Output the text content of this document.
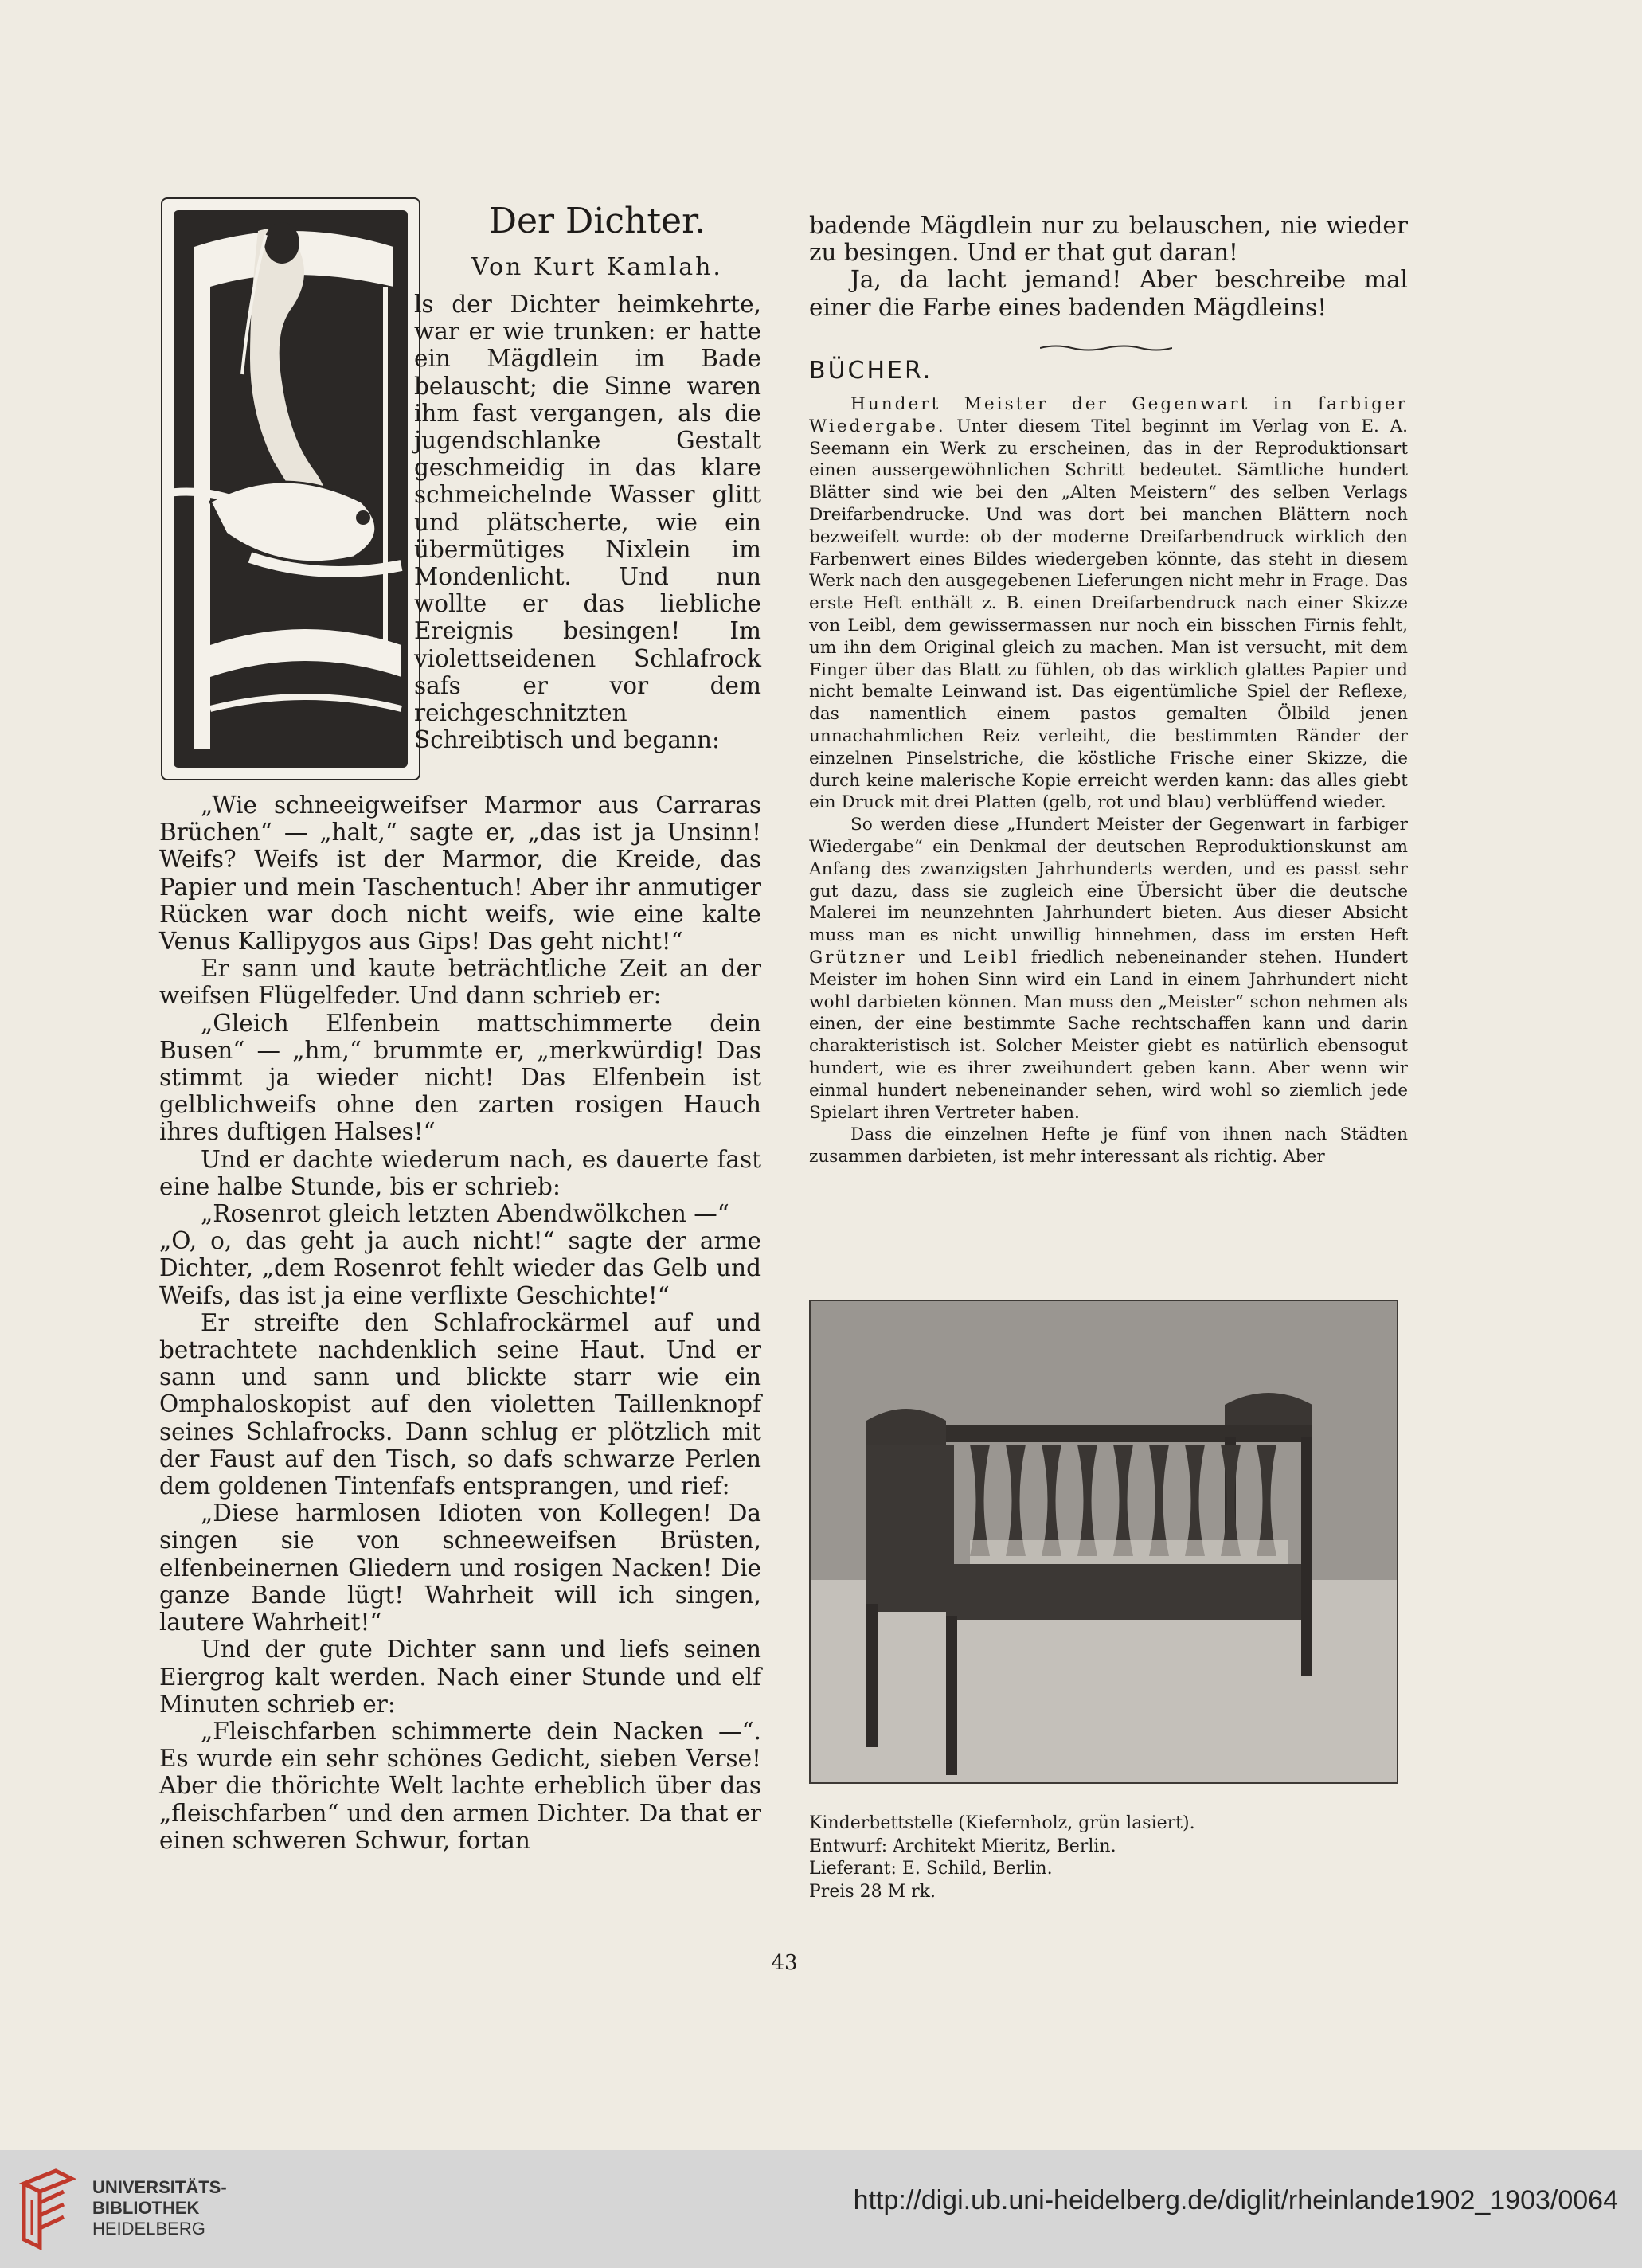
Der Dichter.
Von Kurt Kamlah.

ls der Dichter heimkehrte, war er wie trunken: er hatte ein Mägdlein im Bade belauscht; die Sinne waren ihm fast vergangen, als die jugendschlanke Gestalt geschmeidig in das klare schmeichelnde Wasser glitt und plätscherte, wie ein übermütiges Nixlein im Mondenlicht. Und nun wollte er das liebliche Ereignis besingen! Im violettseidenen Schlafrock safs er vor dem reichgeschnitzten Schreibtisch und begann:

„Wie schneeigweifser Marmor aus Carraras Brüchen“ — „halt,“ sagte er, „das ist ja Unsinn! Weifs? Weifs ist der Marmor, die Kreide, das Papier und mein Taschentuch! Aber ihr anmutiger Rücken war doch nicht weifs, wie eine kalte Venus Kallipygos aus Gips! Das geht nicht!“

Er sann und kaute beträchtliche Zeit an der weifsen Flügelfeder. Und dann schrieb er:

„Gleich Elfenbein mattschimmerte dein Busen“ — „hm,“ brummte er, „merkwürdig! Das stimmt ja wieder nicht! Das Elfenbein ist gelblichweifs ohne den zarten rosigen Hauch ihres duftigen Halses!“

Und er dachte wiederum nach, es dauerte fast eine halbe Stunde, bis er schrieb:

„Rosenrot gleich letzten Abendwölkchen —“

„O, o, das geht ja auch nicht!“ sagte der arme Dichter, „dem Rosenrot fehlt wieder das Gelb und Weifs, das ist ja eine verflixte Geschichte!“

Er streifte den Schlafrockärmel auf und betrachtete nachdenklich seine Haut. Und er sann und sann und blickte starr wie ein Omphaloskopist auf den violetten Taillenknopf seines Schlafrocks. Dann schlug er plötzlich mit der Faust auf den Tisch, so dafs schwarze Perlen dem goldenen Tintenfafs entsprangen, und rief:

„Diese harmlosen Idioten von Kollegen! Da singen sie von schneeweifsen Brüsten, elfenbeinernen Gliedern und rosigen Nacken! Die ganze Bande lügt! Wahrheit will ich singen, lautere Wahrheit!“

Und der gute Dichter sann und liefs seinen Eiergrog kalt werden. Nach einer Stunde und elf Minuten schrieb er:

„Fleischfarben schimmerte dein Nacken —“. Es wurde ein sehr schönes Gedicht, sieben Verse! Aber die thörichte Welt lachte erheblich über das „fleischfarben“ und den armen Dichter. Da that er einen schweren Schwur, fortan

badende Mägdlein nur zu belauschen, nie wieder zu besingen. Und er that gut daran!

Ja, da lacht jemand! Aber beschreibe mal einer die Farbe eines badenden Mägdleins!

BÜCHER.

Hundert Meister der Gegenwart in farbiger Wiedergabe. Unter diesem Titel beginnt im Verlag von E. A. Seemann ein Werk zu erscheinen, das in der Reproduktionsart einen aussergewöhnlichen Schritt bedeutet. Sämtliche hundert Blätter sind wie bei den „Alten Meistern“ des selben Verlags Dreifarbendrucke. Und was dort bei manchen Blättern noch bezweifelt wurde: ob der moderne Dreifarbendruck wirklich den Farbenwert eines Bildes wiedergeben könnte, das steht in diesem Werk nach den ausgegebenen Lieferungen nicht mehr in Frage. Das erste Heft enthält z. B. einen Dreifarbendruck nach einer Skizze von Leibl, dem gewissermassen nur noch ein bisschen Firnis fehlt, um ihn dem Original gleich zu machen. Man ist versucht, mit dem Finger über das Blatt zu fühlen, ob das wirklich glattes Papier und nicht bemalte Leinwand ist. Das eigentümliche Spiel der Reflexe, das namentlich einem pastos gemalten Ölbild jenen unnachahmlichen Reiz verleiht, die bestimmten Ränder der einzelnen Pinselstriche, die köstliche Frische einer Skizze, die durch keine malerische Kopie erreicht werden kann: das alles giebt ein Druck mit drei Platten (gelb, rot und blau) verblüffend wieder.

So werden diese „Hundert Meister der Gegenwart in farbiger Wiedergabe“ ein Denkmal der deutschen Reproduktionskunst am Anfang des zwanzigsten Jahrhunderts werden, und es passt sehr gut dazu, dass sie zugleich eine Übersicht über die deutsche Malerei im neunzehnten Jahrhundert bieten. Aus dieser Absicht muss man es nicht unwillig hinnehmen, dass im ersten Heft Grützner und Leibl friedlich nebeneinander stehen. Hundert Meister im hohen Sinn wird ein Land in einem Jahrhundert nicht wohl darbieten können. Man muss den „Meister“ schon nehmen als einen, der eine bestimmte Sache rechtschaffen kann und darin charakteristisch ist. Solcher Meister giebt es natürlich ebensogut hundert, wie es ihrer zweihundert geben kann. Aber wenn wir einmal hundert nebeneinander sehen, wird wohl so ziemlich jede Spielart ihren Vertreter haben.

Dass die einzelnen Hefte je fünf von ihnen nach Städten zusammen darbieten, ist mehr interessant als richtig. Aber

Kinderbettstelle (Kiefernholz, grün lasiert).
Entwurf: Architekt Mieritz, Berlin.
Lieferant: E. Schild, Berlin.
Preis 28 M rk.
43
UNIVERSITÄTS-
BIBLIOTHEK
HEIDELBERG
http://digi.ub.uni-heidelberg.de/diglit/rheinlande1902_1903/0064
